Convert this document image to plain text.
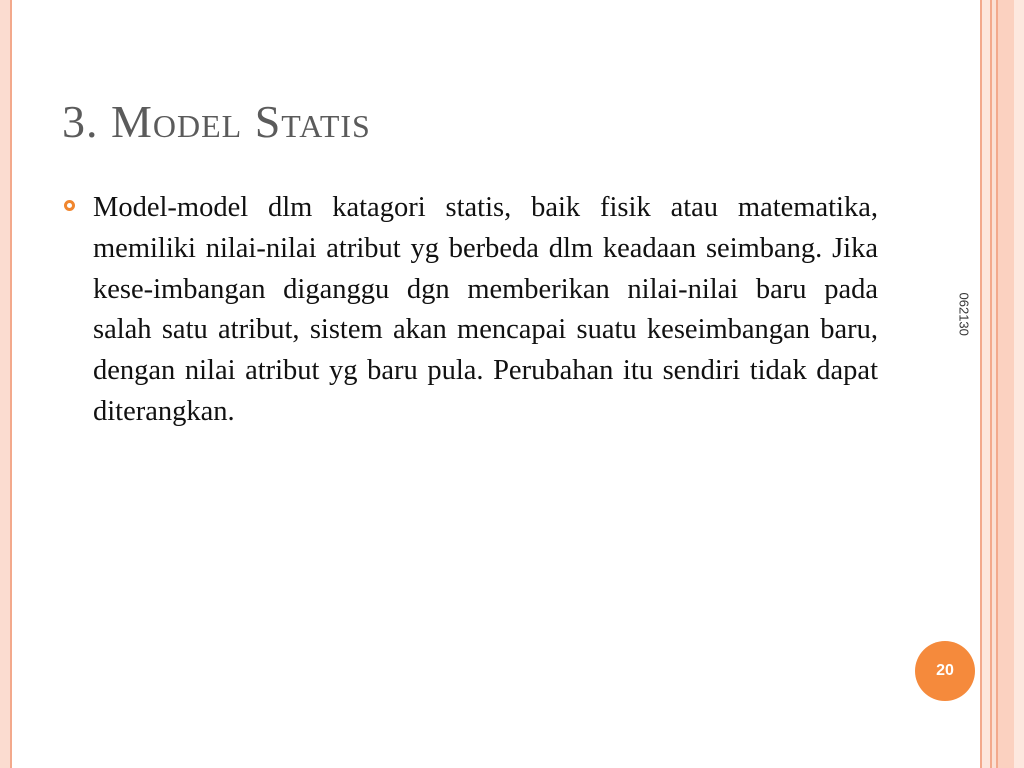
3. Model Statis

Model-model dlm katagori statis, baik fisik atau matematika, memiliki nilai-nilai atribut yg berbeda dlm keadaan seimbang. Jika kese-imbangan diganggu dgn memberikan nilai-nilai baru pada salah satu atribut, sistem akan mencapai suatu keseimbangan baru, dengan nilai atribut yg baru pula. Perubahan itu sendiri tidak dapat diterangkan.

062130
20
